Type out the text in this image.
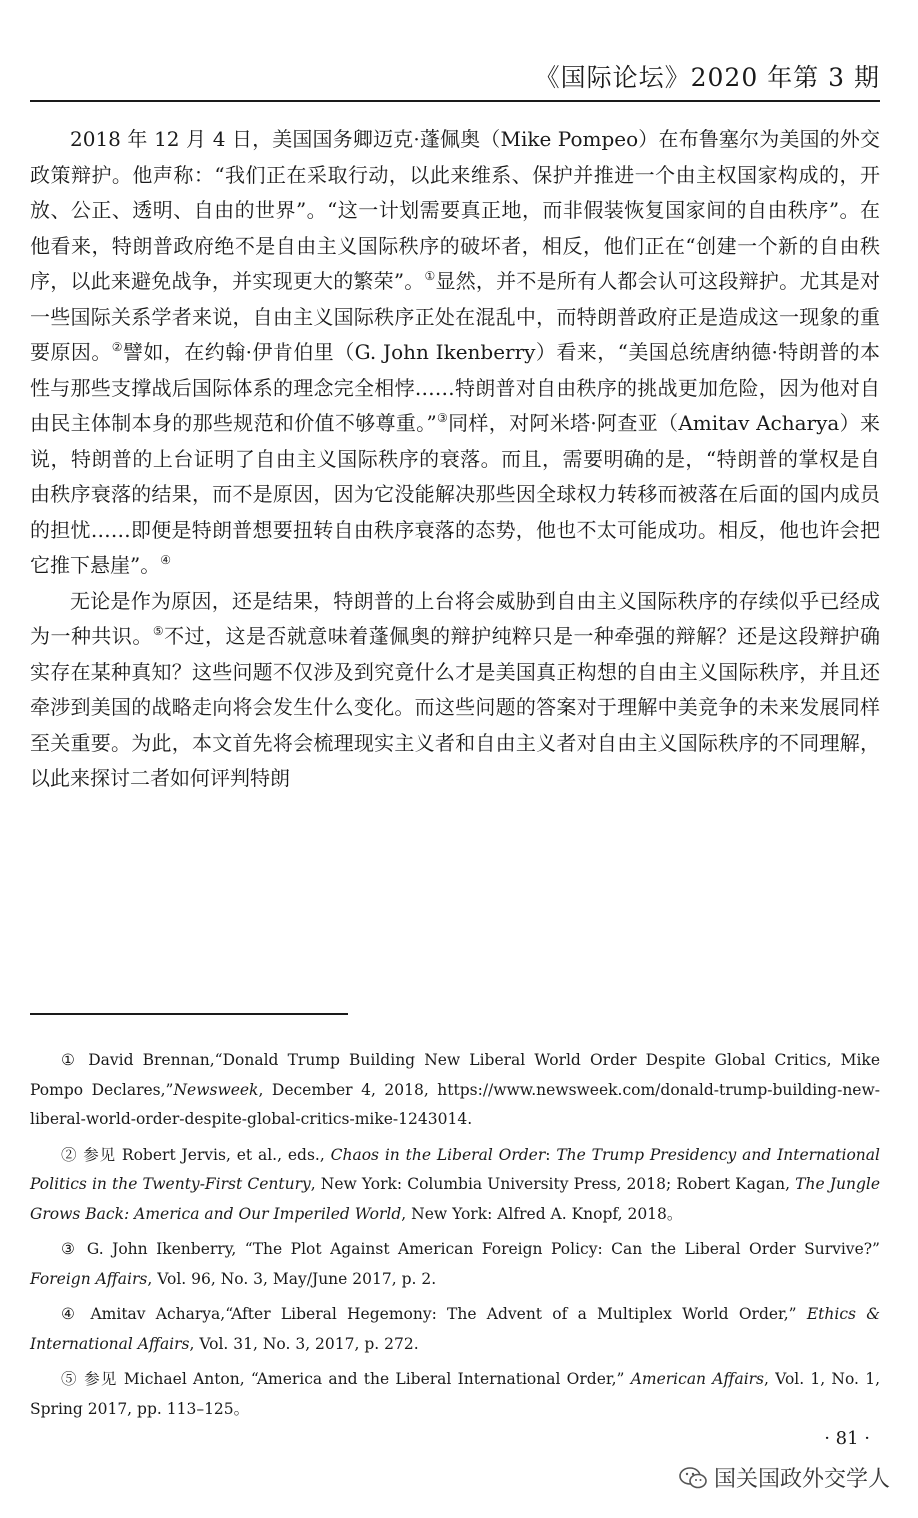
《国际论坛》2020 年第 3 期

2018 年 12 月 4 日，美国国务卿迈克·蓬佩奥（Mike Pompeo）在布鲁塞尔为美国的外交政策辩护。他声称：“我们正在采取行动，以此来维系、保护并推进一个由主权国家构成的，开放、公正、透明、自由的世界”。“这一计划需要真正地，而非假装恢复国家间的自由秩序”。在他看来，特朗普政府绝不是自由主义国际秩序的破坏者，相反，他们正在“创建一个新的自由秩序，以此来避免战争，并实现更大的繁荣”。①显然，并不是所有人都会认可这段辩护。尤其是对一些国际关系学者来说，自由主义国际秩序正处在混乱中，而特朗普政府正是造成这一现象的重要原因。②譬如，在约翰·伊肯伯里（G. John Ikenberry）看来，“美国总统唐纳德·特朗普的本性与那些支撑战后国际体系的理念完全相悖……特朗普对自由秩序的挑战更加危险，因为他对自由民主体制本身的那些规范和价值不够尊重。”③同样，对阿米塔·阿查亚（Amitav Acharya）来说，特朗普的上台证明了自由主义国际秩序的衰落。而且，需要明确的是，“特朗普的掌权是自由秩序衰落的结果，而不是原因，因为它没能解决那些因全球权力转移而被落在后面的国内成员的担忧……即便是特朗普想要扭转自由秩序衰落的态势，他也不太可能成功。相反，他也许会把它推下悬崖”。④

无论是作为原因，还是结果，特朗普的上台将会威胁到自由主义国际秩序的存续似乎已经成为一种共识。⑤不过，这是否就意味着蓬佩奥的辩护纯粹只是一种牵强的辩解？还是这段辩护确实存在某种真知？这些问题不仅涉及到究竟什么才是美国真正构想的自由主义国际秩序，并且还牵涉到美国的战略走向将会发生什么变化。而这些问题的答案对于理解中美竞争的未来发展同样至关重要。为此，本文首先将会梳理现实主义者和自由主义者对自由主义国际秩序的不同理解，以此来探讨二者如何评判特朗

① David Brennan,“Donald Trump Building New Liberal World Order Despite Global Critics, Mike Pompo Declares,”Newsweek, December 4, 2018, https://www.newsweek.com/donald-trump-building-new-liberal-world-order-despite-global-critics-mike-1243014.

② 参见 Robert Jervis, et al., eds., Chaos in the Liberal Order: The Trump Presidency and International Politics in the Twenty-First Century, New York: Columbia University Press, 2018; Robert Kagan, The Jungle Grows Back: America and Our Imperiled World, New York: Alfred A. Knopf, 2018。

③ G. John Ikenberry, “The Plot Against American Foreign Policy: Can the Liberal Order Survive?” Foreign Affairs, Vol. 96, No. 3, May/June 2017, p. 2.

④ Amitav Acharya,“After Liberal Hegemony: The Advent of a Multiplex World Order,” Ethics & International Affairs, Vol. 31, No. 3, 2017, p. 272.

⑤ 参见 Michael Anton, “America and the Liberal International Order,” American Affairs, Vol. 1, No. 1, Spring 2017, pp. 113–125。

· 81 ·
国关国政外交学人
